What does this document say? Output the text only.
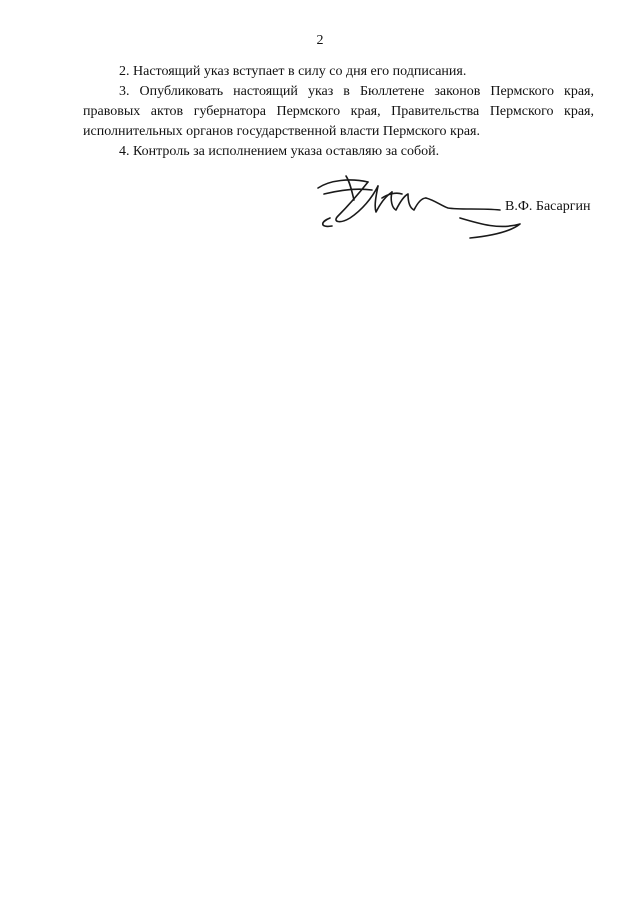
2

2. Настоящий указ вступает в силу со дня его подписания.

3. Опубликовать настоящий указ в Бюллетене законов Пермского края, правовых актов губернатора Пермского края, Правительства Пермского края, исполнительных органов государственной власти Пермского края.

4. Контроль за исполнением указа оставляю за собой.

В.Ф. Басаргин
